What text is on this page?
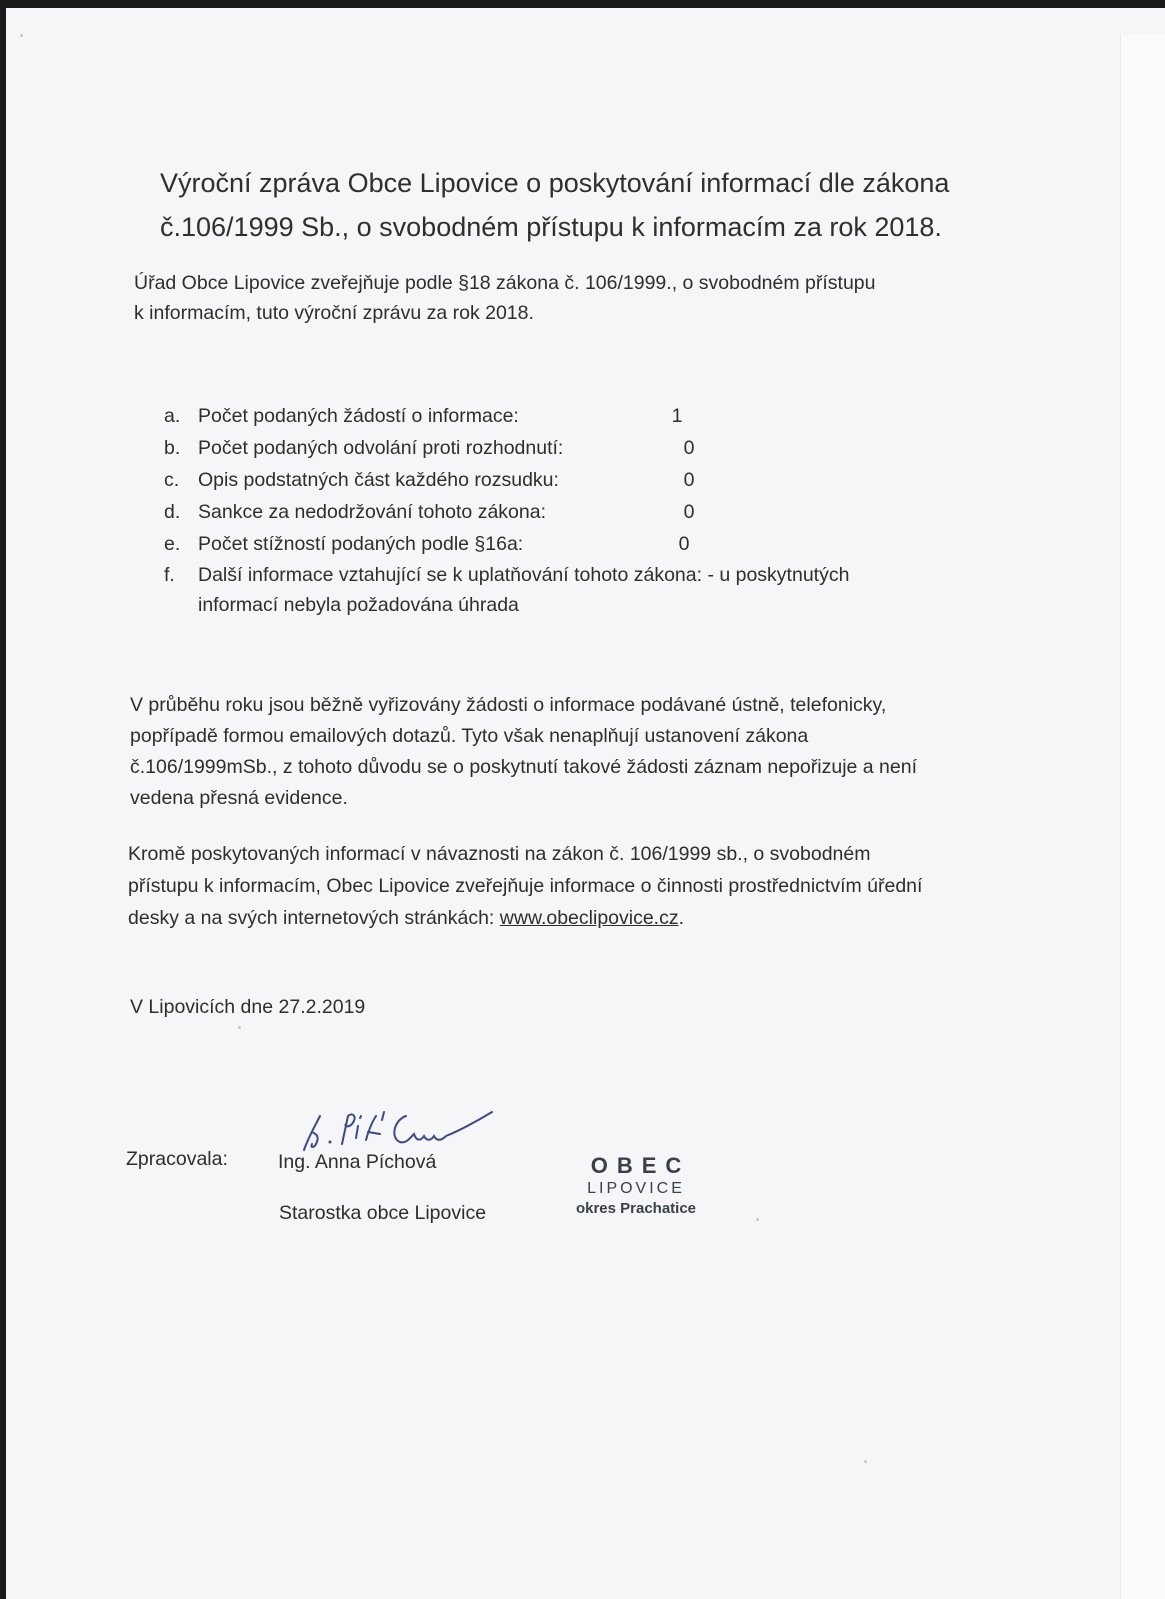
Výroční zpráva Obce Lipovice o poskytování informací dle zákona
č.106/1999 Sb., o svobodném přístupu k informacím za rok 2018.
Úřad Obce Lipovice zveřejňuje podle §18 zákona č. 106/1999., o svobodném přístupu
k informacím, tuto výroční zprávu za rok 2018.
a. Počet podaných žádostí o informace:	1
b. Počet podaných odvolání proti rozhodnutí:	0
c. Opis podstatných část každého rozsudku:	0
d. Sankce za nedodržování tohoto zákona:	0
e. Počet stížností podaných podle §16a:	0
f.	Další informace vztahující se k uplatňování tohoto zákona: - u poskytnutých
informací nebyla požadována úhrada
V průběhu roku jsou běžně vyřizovány žádosti o informace podávané ústně, telefonicky,
popřípadě formou emailových dotazů. Tyto však nenaplňují ustanovení zákona
č.106/1999mSb., z tohoto důvodu se o poskytnutí takové žádosti záznam nepořizuje a není
vedena přesná evidence.
Kromě poskytovaných informací v návaznosti na zákon č. 106/1999 sb., o svobodném
přístupu k informacím, Obec Lipovice zveřejňuje informace o činnosti prostřednictvím úřední
desky a na svých internetových stránkách: www.obeclipovice.cz.
V Lipovicích dne 27.2.2019
Zpracovala:	Ing. Anna Píchová
Starostka obce Lipovice
OBEC
LIPOVICE
okres Prachatice
